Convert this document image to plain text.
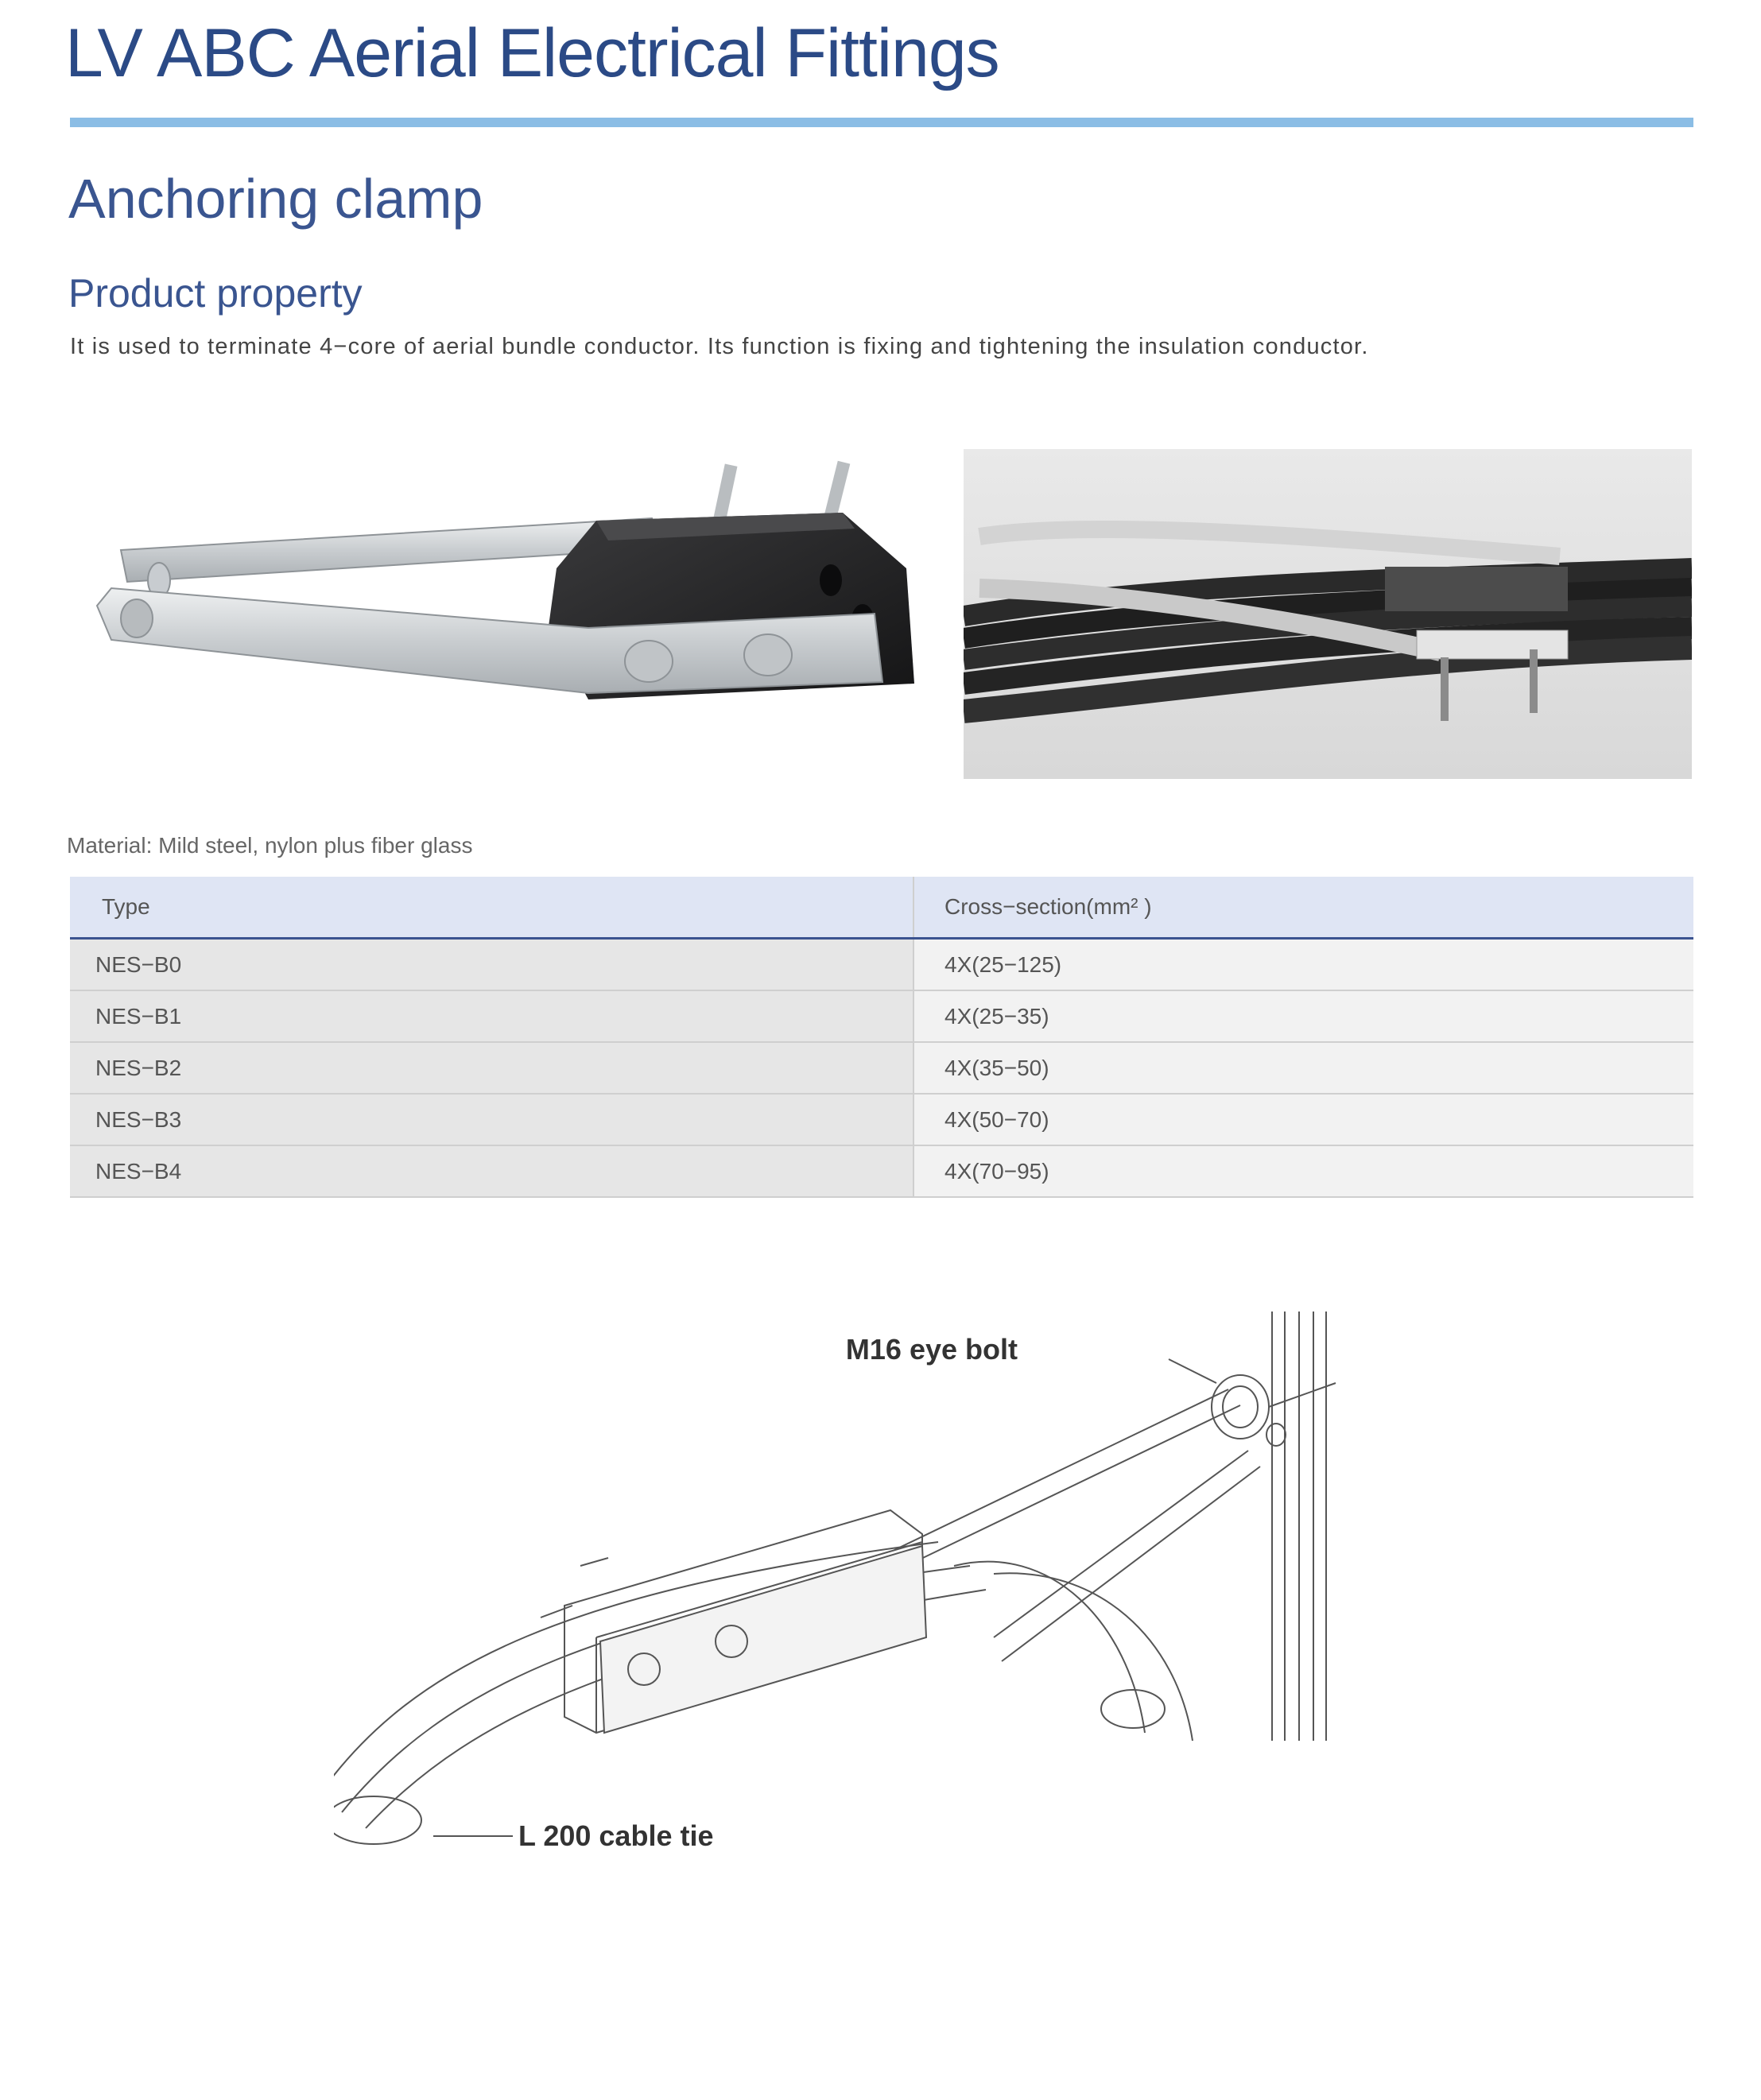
LV ABC Aerial Electrical Fittings
Anchoring clamp
Product property

It is used to terminate 4−core of aerial bundle conductor. Its function is fixing and tightening the insulation conductor.

Material: Mild steel, nylon plus fiber glass

Type	Cross−section(mm² )
NES−B0	4X(25−125)
NES−B1	4X(25−35)
NES−B2	4X(35−50)
NES−B3	4X(50−70)
NES−B4	4X(70−95)
M16 eye bolt
L 200 cable tie
